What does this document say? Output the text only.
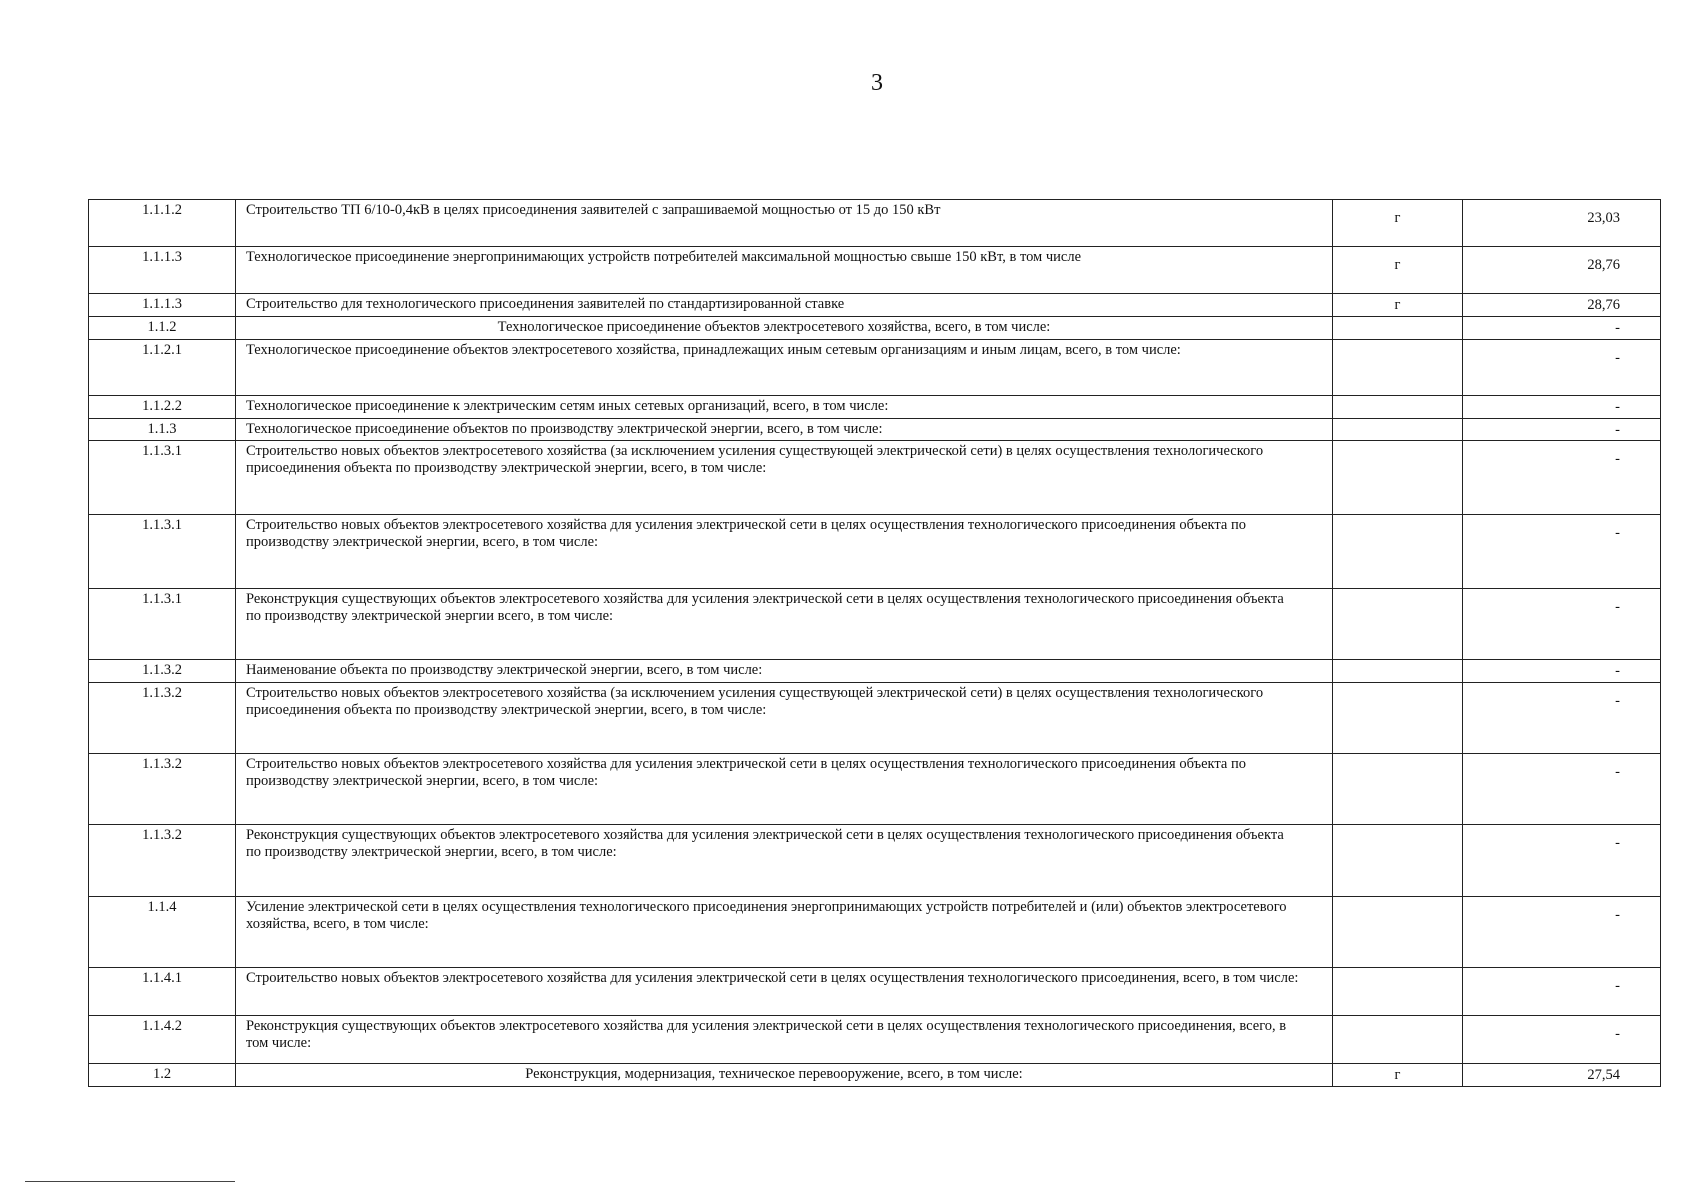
3
1.1.1.2	Строительство ТП 6/10-0,4кВ в целях присоединения заявителей с запрашиваемой мощностью от 15 до 150 кВт	г	23,03

1.1.1.3	Технологическое присоединение энергопринимающих устройств потребителей максимальной мощностью свыше 150 кВт, в том числе	г	28,76

1.1.1.3	Строительство для технологического присоединения заявителей по стандартизированной ставке	г	28,76

1.1.2	Технологическое присоединение объектов электросетевого хозяйства, всего, в том числе:		-

1.1.2.1	Технологическое присоединение объектов электросетевого хозяйства, принадлежащих иным сетевым организациям и иным лицам, всего, в том числе:		-

1.1.2.2	Технологическое присоединение к электрическим сетям иных сетевых организаций, всего, в том числе:		-

1.1.3	Технологическое присоединение объектов по производству электрической энергии, всего, в том числе:		-

1.1.3.1	Строительство новых объектов электросетевого хозяйства (за исключением усиления существующей электрической сети) в целях осуществления технологического присоединения объекта по производству электрической энергии, всего, в том числе:		-

1.1.3.1	Строительство новых объектов электросетевого хозяйства для усиления электрической сети в целях осуществления технологического присоединения объекта по производству электрической энергии, всего, в том числе:		-

1.1.3.1	Реконструкция существующих объектов электросетевого хозяйства для усиления электрической сети в целях осуществления технологического присоединения объекта по производству электрической энергии всего, в том числе:		-

1.1.3.2	Наименование объекта по производству электрической энергии, всего, в том числе:		-

1.1.3.2	Строительство новых объектов электросетевого хозяйства (за исключением усиления существующей электрической сети) в целях осуществления технологического присоединения объекта по производству электрической энергии, всего, в том числе:		-

1.1.3.2	Строительство новых объектов электросетевого хозяйства для усиления электрической сети в целях осуществления технологического присоединения объекта по производству электрической энергии, всего, в том числе:		-

1.1.3.2	Реконструкция существующих объектов электросетевого хозяйства для усиления электрической сети в целях осуществления технологического присоединения объекта по производству электрической энергии, всего, в том числе:		-

1.1.4	Усиление электрической сети в целях осуществления технологического присоединения энергопринимающих устройств потребителей и (или) объектов электросетевого хозяйства, всего, в том числе:		-

1.1.4.1	Строительство новых объектов электросетевого хозяйства для усиления электрической сети в целях осуществления технологического присоединения, всего, в том числе:		-

1.1.4.2	Реконструкция существующих объектов электросетевого хозяйства для усиления электрической сети в целях осуществления технологического присоединения, всего, в том числе:		-

1.2	Реконструкция, модернизация, техническое перевооружение, всего, в том числе:	г	27,54
